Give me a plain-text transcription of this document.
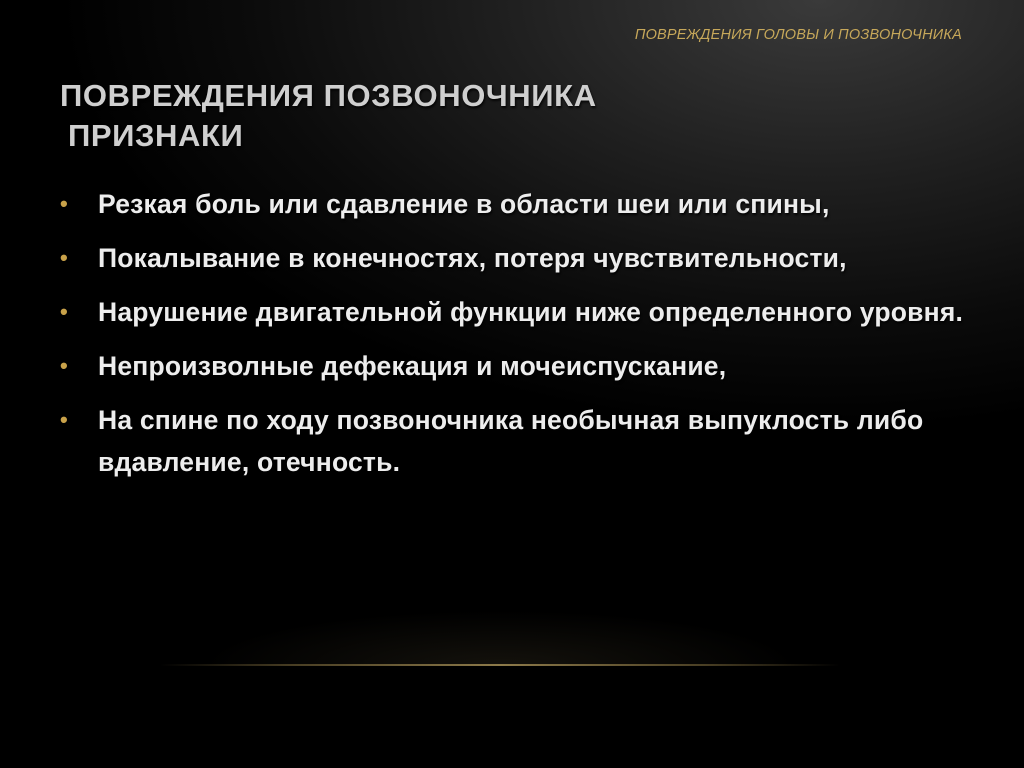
ПОВРЕЖДЕНИЯ ГОЛОВЫ И ПОЗВОНОЧНИКА
ПОВРЕЖДЕНИЯ ПОЗВОНОЧНИКА
ПРИЗНАКИ
• Резкая боль или сдавление в области шеи или спины,
• Покалывание в конечностях, потеря чувствительности,
• Нарушение двигательной функции ниже определенного уровня.
• Непроизволные дефекация и мочеиспускание,
• На спине по ходу позвоночника необычная выпуклость либо вдавление, отечность.
